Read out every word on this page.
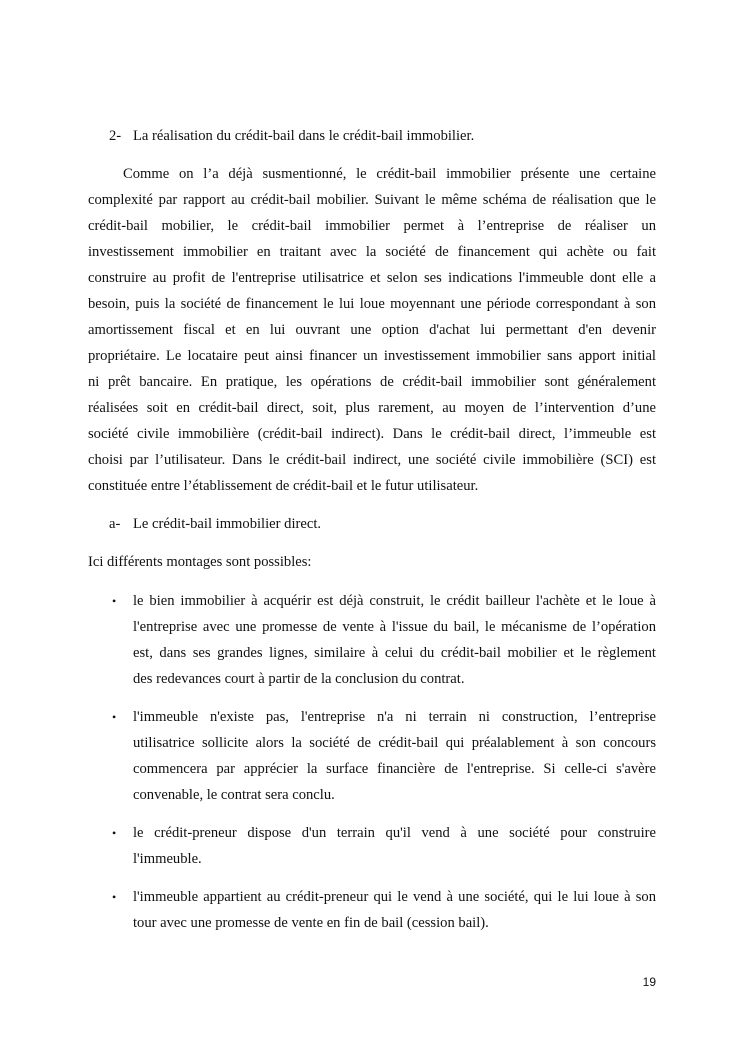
2- La réalisation du crédit-bail dans le crédit-bail immobilier.
Comme on l’a déjà susmentionné, le crédit-bail immobilier présente une certaine
complexité par rapport au crédit-bail mobilier. Suivant le même schéma de réalisation que le
crédit-bail mobilier, le crédit-bail immobilier permet à l’entreprise de réaliser un
investissement immobilier en traitant avec la société de financement qui achète ou fait
construire au profit de l'entreprise utilisatrice et selon ses indications l'immeuble dont elle a
besoin, puis la société de financement le lui loue moyennant une période correspondant à son
amortissement fiscal et en lui ouvrant une option d'achat lui permettant d'en devenir
propriétaire. Le locataire peut ainsi financer un investissement immobilier sans apport initial
ni prêt bancaire. En pratique, les opérations de crédit-bail immobilier sont généralement
réalisées soit en crédit-bail direct, soit, plus rarement, au moyen de l’intervention d’une
société civile immobilière (crédit-bail indirect). Dans le crédit-bail direct, l’immeuble est
choisi par l’utilisateur. Dans le crédit-bail indirect, une société civile immobilière (SCI) est
constituée entre l’établissement de crédit-bail et le futur utilisateur.
a- Le crédit-bail immobilier direct.
Ici différents montages sont possibles:
• le bien immobilier à acquérir est déjà construit, le crédit bailleur l'achète et le loue à
l'entreprise avec une promesse de vente à l'issue du bail, le mécanisme de l’opération
est, dans ses grandes lignes, similaire à celui du crédit-bail mobilier et le règlement
des redevances court à partir de la conclusion du contrat.
• l'immeuble n'existe pas, l'entreprise n'a ni terrain ni construction, l’entreprise
utilisatrice sollicite alors la société de crédit-bail qui préalablement à son concours
commencera par apprécier la surface financière de l'entreprise. Si celle-ci s'avère
convenable, le contrat sera conclu.
• le crédit-preneur dispose d'un terrain qu'il vend à une société pour construire
l'immeuble.
• l'immeuble appartient au crédit-preneur qui le vend à une société, qui le lui loue à son
tour avec une promesse de vente en fin de bail (cession bail).
19
